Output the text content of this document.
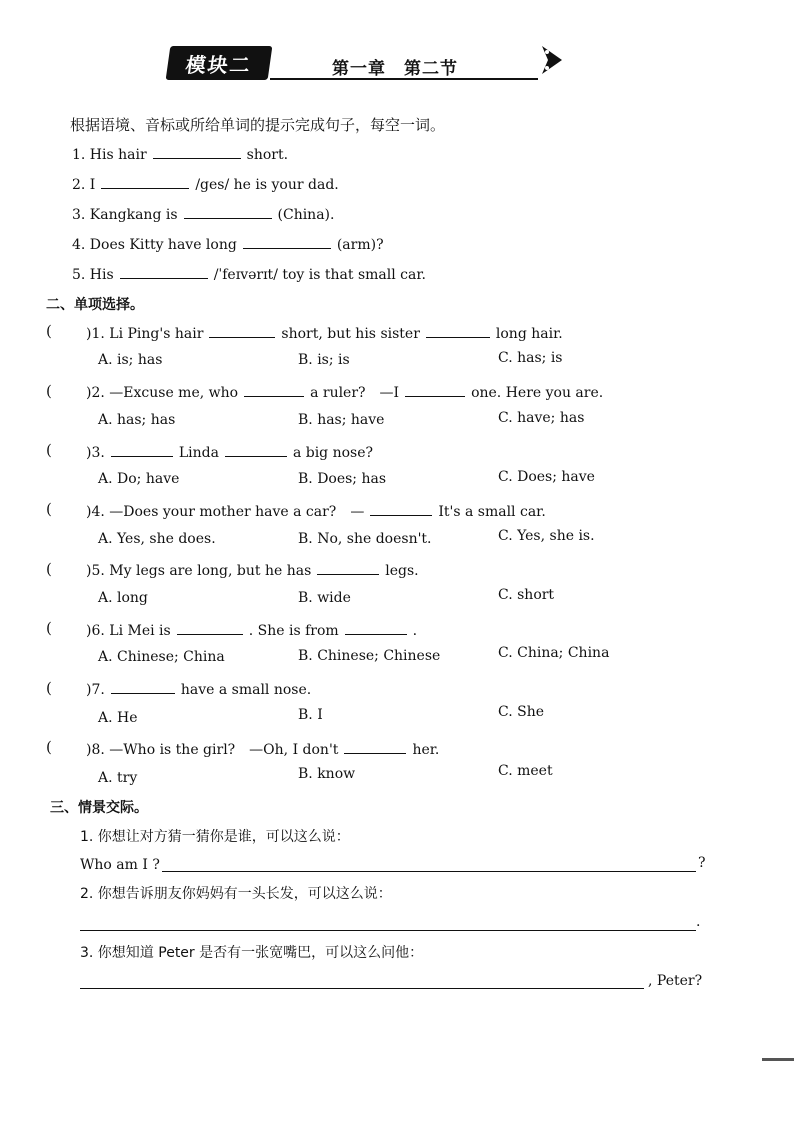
模块二	第一章　第二节
根据语境、音标或所给单词的提示完成句子，每空一词。
1. His hair	short.
2. I	/ges/ he is your dad.
3. Kangkang is	(China).
4. Does Kitty have long	(arm)?
5. His	/ˈfeɪvərɪt/ toy is that small car.
二、单项选择。
( )1. Li Ping's hair	short, but his sister	long hair.
A. is; has	B. is; is	C. has; is
( )2. —Excuse me, who	a ruler?　—I	one. Here you are.
A. has; has	B. has; have	C. have; has
( )3.	Linda	a big nose?
A. Do; have	B. Does; has	C. Does; have
( )4. —Does your mother have a car?　—	It's a small car.
A. Yes, she does.	B. No, she doesn't.	C. Yes, she is.
( )5. My legs are long, but he has	legs.
A. long	B. wide	C. short
( )6. Li Mei is	. She is from	.
A. Chinese; China	B. Chinese; Chinese	C. China; China
( )7.	have a small nose.
A. He	B. I	C. She
( )8. —Who is the girl?　—Oh, I don't	her.
A. try	B. know	C. meet
三、情景交际。
1. 你想让对方猜一猜你是谁，可以这么说：
Who am I ?	?
2. 你想告诉朋友你妈妈有一头长发，可以这么说：
.
3. 你想知道 Peter 是否有一张宽嘴巴，可以这么问他：
, Peter?
